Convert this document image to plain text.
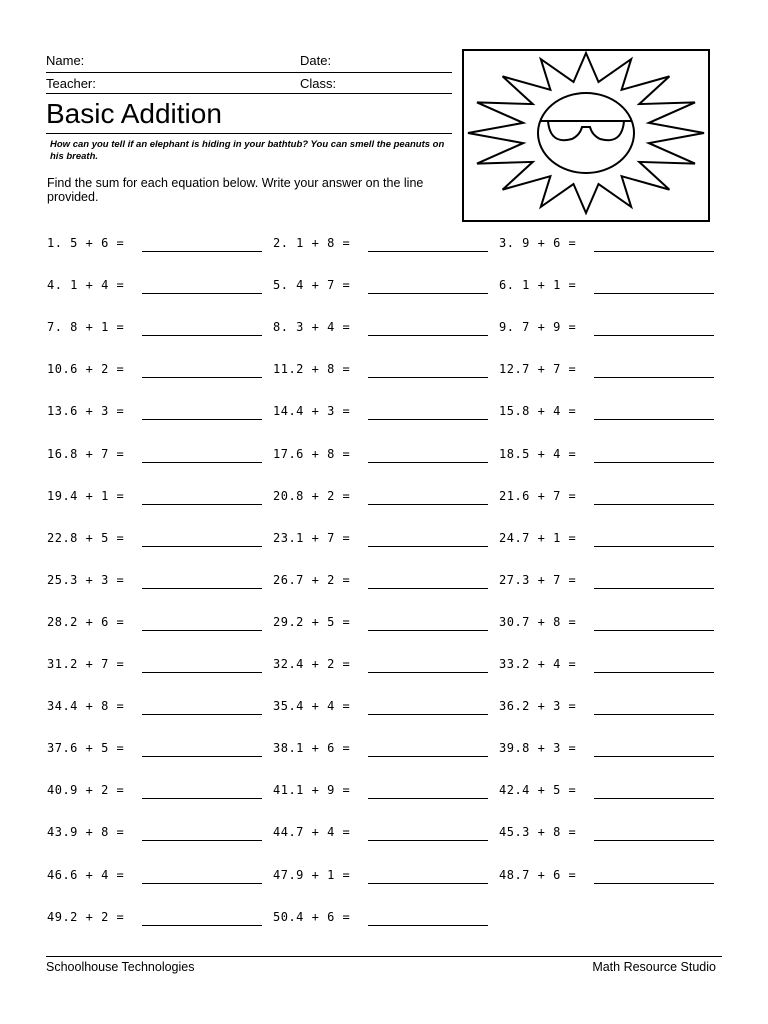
Name:	Date:
Teacher:	Class:
Basic Addition
How can you tell if an elephant is hiding in your bathtub? You can smell the peanuts on his breath.
Find the sum for each equation below. Write your answer on the line provided.
1. 5 + 6 =	2. 1 + 8 =	3. 9 + 6 =
4. 1 + 4 =	5. 4 + 7 =	6. 1 + 1 =
7. 8 + 1 =	8. 3 + 4 =	9. 7 + 9 =
10.6 + 2 =	11.2 + 8 =	12.7 + 7 =
13.6 + 3 =	14.4 + 3 =	15.8 + 4 =
16.8 + 7 =	17.6 + 8 =	18.5 + 4 =
19.4 + 1 =	20.8 + 2 =	21.6 + 7 =
22.8 + 5 =	23.1 + 7 =	24.7 + 1 =
25.3 + 3 =	26.7 + 2 =	27.3 + 7 =
28.2 + 6 =	29.2 + 5 =	30.7 + 8 =
31.2 + 7 =	32.4 + 2 =	33.2 + 4 =
34.4 + 8 =	35.4 + 4 =	36.2 + 3 =
37.6 + 5 =	38.1 + 6 =	39.8 + 3 =
40.9 + 2 =	41.1 + 9 =	42.4 + 5 =
43.9 + 8 =	44.7 + 4 =	45.3 + 8 =
46.6 + 4 =	47.9 + 1 =	48.7 + 6 =
49.2 + 2 =	50.4 + 6 =
Schoolhouse Technologies	Math Resource Studio
